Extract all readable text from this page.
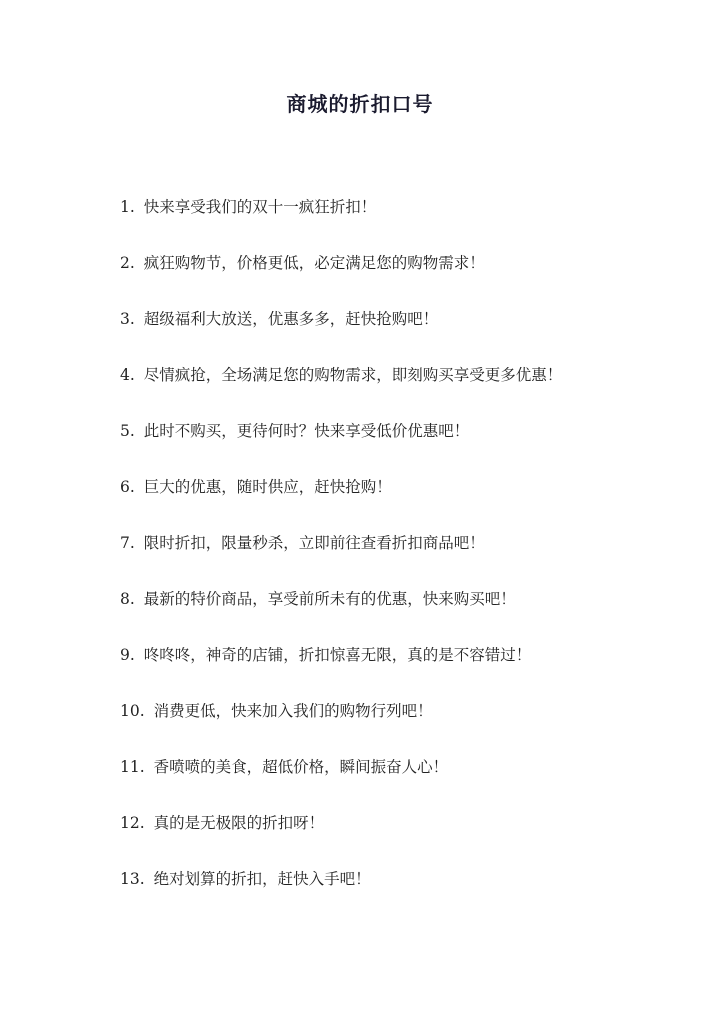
商城的折扣口号
1. 快来享受我们的双十一疯狂折扣！
2. 疯狂购物节，价格更低，必定满足您的购物需求！
3. 超级福利大放送，优惠多多，赶快抢购吧！
4. 尽情疯抢，全场满足您的购物需求，即刻购买享受更多优惠！
5. 此时不购买，更待何时？快来享受低价优惠吧！
6. 巨大的优惠，随时供应，赶快抢购！
7. 限时折扣，限量秒杀，立即前往查看折扣商品吧！
8. 最新的特价商品，享受前所未有的优惠，快来购买吧！
9. 咚咚咚，神奇的店铺，折扣惊喜无限，真的是不容错过！
10. 消费更低，快来加入我们的购物行列吧！
11. 香喷喷的美食，超低价格，瞬间振奋人心！
12. 真的是无极限的折扣呀！
13. 绝对划算的折扣，赶快入手吧！
